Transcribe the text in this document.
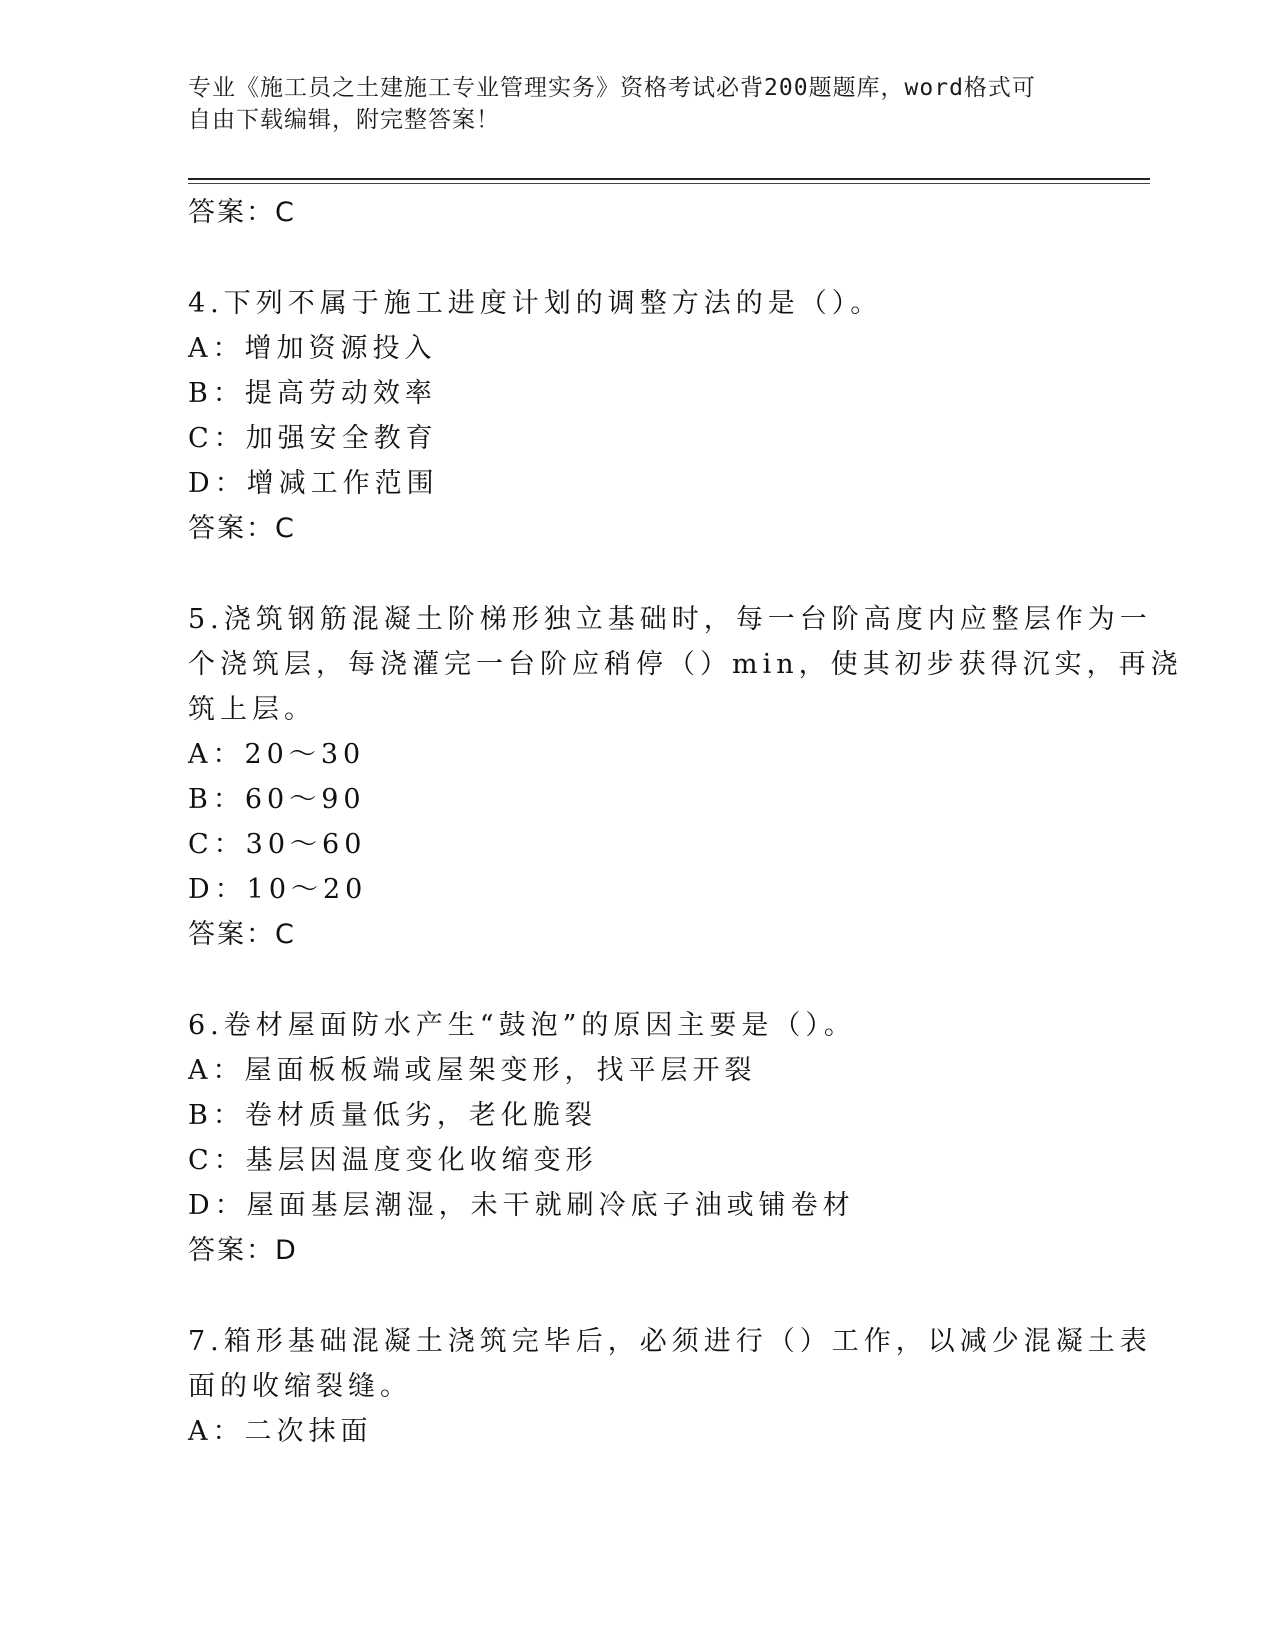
专业《施工员之土建施工专业管理实务》资格考试必背200题题库，word格式可
自由下载编辑，附完整答案！
答案：C
4.下列不属于施工进度计划的调整方法的是（）。
A：增加资源投入
B：提高劳动效率
C：加强安全教育
D：增减工作范围
答案：C
5.浇筑钢筋混凝土阶梯形独立基础时，每一台阶高度内应整层作为一
个浇筑层，每浇灌完一台阶应稍停（）min，使其初步获得沉实，再浇
筑上层。
A：20～30
B：60～90
C：30～60
D：10～20
答案：C
6.卷材屋面防水产生“鼓泡”的原因主要是（）。
A：屋面板板端或屋架变形，找平层开裂
B：卷材质量低劣，老化脆裂
C：基层因温度变化收缩变形
D：屋面基层潮湿，未干就刷冷底子油或铺卷材
答案：D
7.箱形基础混凝土浇筑完毕后，必须进行（）工作，以减少混凝土表
面的收缩裂缝。
A：二次抹面
